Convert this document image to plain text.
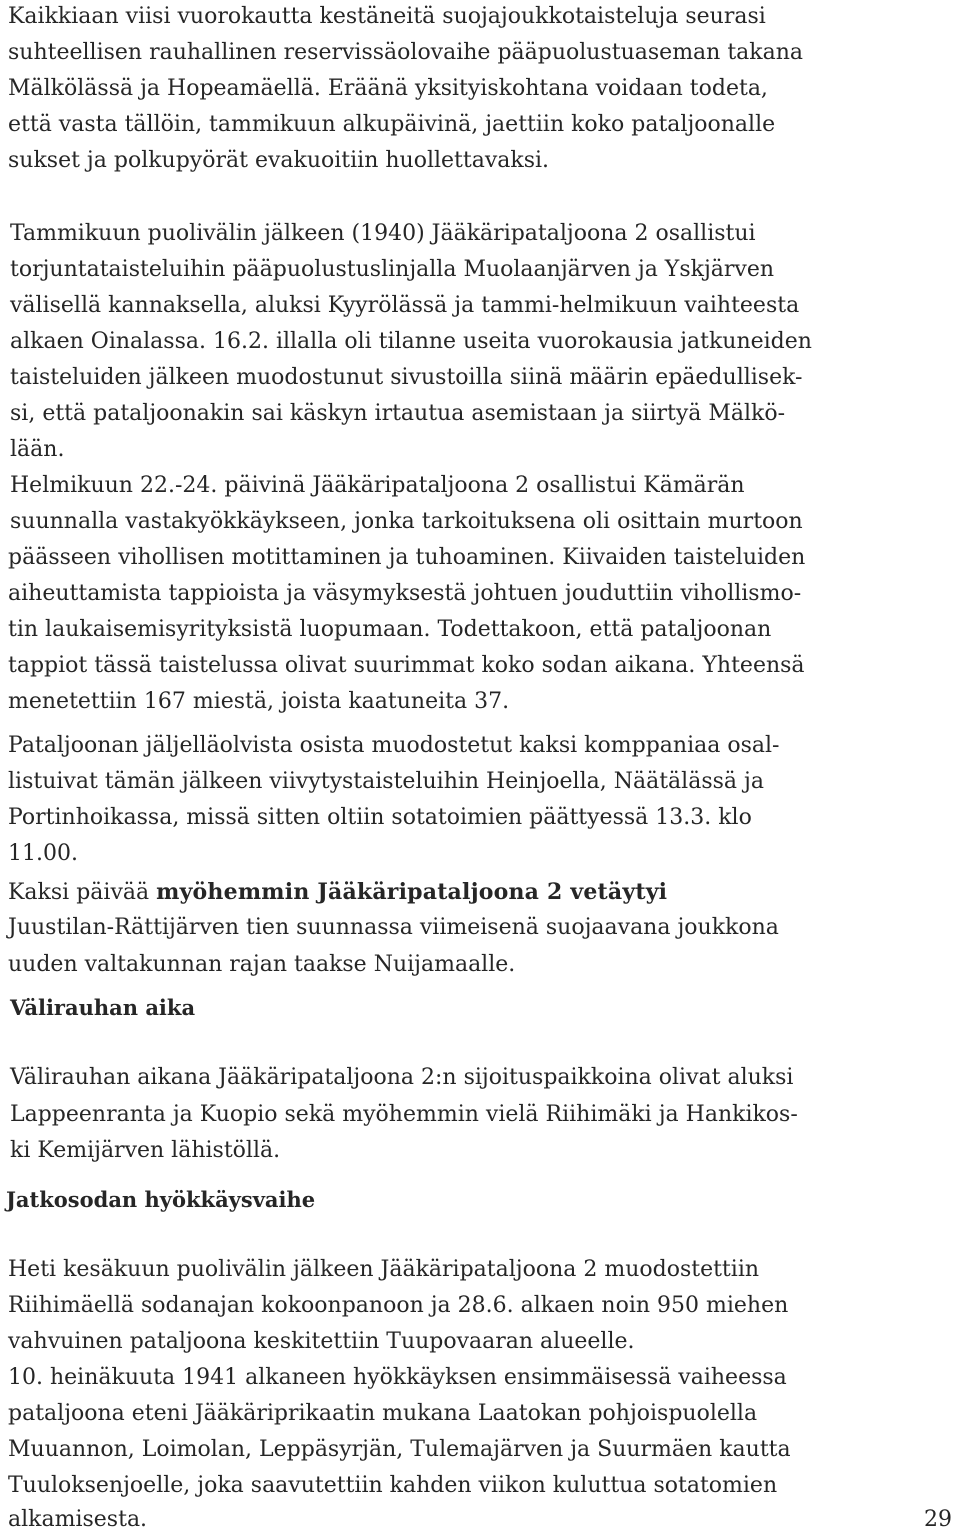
Kaikkiaan viisi vuorokautta kestäneitä suojajoukkotaisteluja seurasi
suhteellisen rauhallinen reservissäolovaihe pääpuolustuaseman takana
Mälkölässä ja Hopeamäellä. Eräänä yksityiskohtana voidaan todeta,
että vasta tällöin, tammikuun alkupäivinä, jaettiin koko pataljoonalle
sukset ja polkupyörät evakuoitiin huollettavaksi.
Tammikuun puolivälin jälkeen (1940) Jääkäripataljoona 2 osallistui
torjuntataisteluihin pääpuolustuslinjalla Muolaanjärven ja Yskjärven
välisellä kannaksella, aluksi Kyyrölässä ja tammi-helmikuun vaihteesta
alkaen Oinalassa. 16.2. illalla oli tilanne useita vuorokausia jatkuneiden
taisteluiden jälkeen muodostunut sivustoilla siinä määrin epäedullisek-
si, että pataljoonakin sai käskyn irtautua asemistaan ja siirtyä Mälkö-
lään.
Helmikuun 22.-24. päivinä Jääkäripataljoona 2 osallistui Kämärän
suunnalla vastakyökkäykseen, jonka tarkoituksena oli osittain murtoon
päässeen vihollisen motittaminen ja tuhoaminen. Kiivaiden taisteluiden
aiheuttamista tappioista ja väsymyksestä johtuen jouduttiin vihollismo-
tin laukaisemisyrityksistä luopumaan. Todettakoon, että pataljoonan
tappiot tässä taistelussa olivat suurimmat koko sodan aikana. Yhteensä
menetettiin 167 miestä, joista kaatuneita 37.
Pataljoonan jäljelläolvista osista muodostetut kaksi komppaniaa osal-
listuivat tämän jälkeen viivytystaisteluihin Heinjoella, Näätälässä ja
Portinhoikassa, missä sitten oltiin sotatoimien päättyessä 13.3. klo
11.00.
Kaksi päivää myöhemmin Jääkäripataljoona 2 vetäytyi
Juustilan-Rättijärven tien suunnassa viimeisenä suojaavana joukkona
uuden valtakunnan rajan taakse Nuijamaalle.
Välirauhan aika
Välirauhan aikana Jääkäripataljoona 2:n sijoituspaikkoina olivat aluksi
Lappeenranta ja Kuopio sekä myöhemmin vielä Riihimäki ja Hankikos-
ki Kemijärven lähistöllä.
Jatkosodan hyökkäysvaihe
Heti kesäkuun puolivälin jälkeen Jääkäripataljoona 2 muodostettiin
Riihimäellä sodanajan kokoonpanoon ja 28.6. alkaen noin 950 miehen
vahvuinen pataljoona keskitettiin Tuupovaaran alueelle.
10. heinäkuuta 1941 alkaneen hyökkäyksen ensimmäisessä vaiheessa
pataljoona eteni Jääkäriprikaatin mukana Laatokan pohjoispuolella
Muuannon, Loimolan, Leppäsyrjän, Tulemajärven ja Suurmäen kautta
Tuuloksenjoelle, joka saavutettiin kahden viikon kuluttua sotatomien
alkamisesta.	29
